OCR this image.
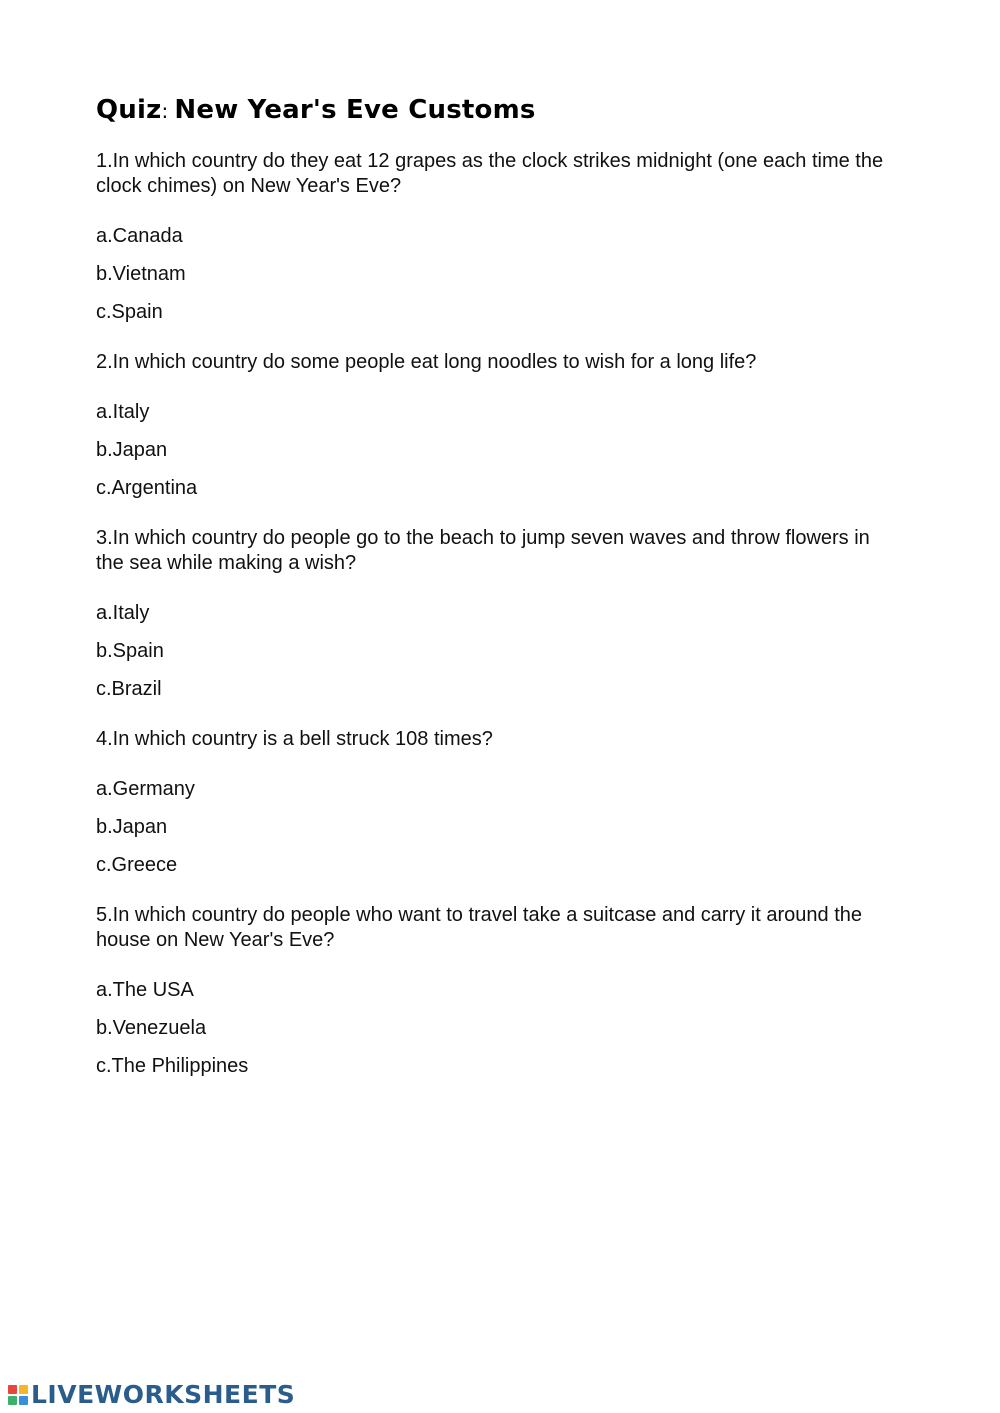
Quiz: New Year's Eve Customs

1.In which country do they eat 12 grapes as the clock strikes midnight (one each time the clock chimes) on New Year's Eve?

a.Canada
b.Vietnam
c.Spain

2.In which country do some people eat long noodles to wish for a long life?

a.Italy
b.Japan
c.Argentina

3.In which country do people go to the beach to jump seven waves and throw flowers in the sea while making a wish?

a.Italy
b.Spain
c.Brazil

4.In which country is a bell struck 108 times?

a.Germany
b.Japan
c.Greece

5.In which country do people who want to travel take a suitcase and carry it around the house on New Year's Eve?

a.The USA
b.Venezuela
c.The Philippines
LIVEWORKSHEETS
